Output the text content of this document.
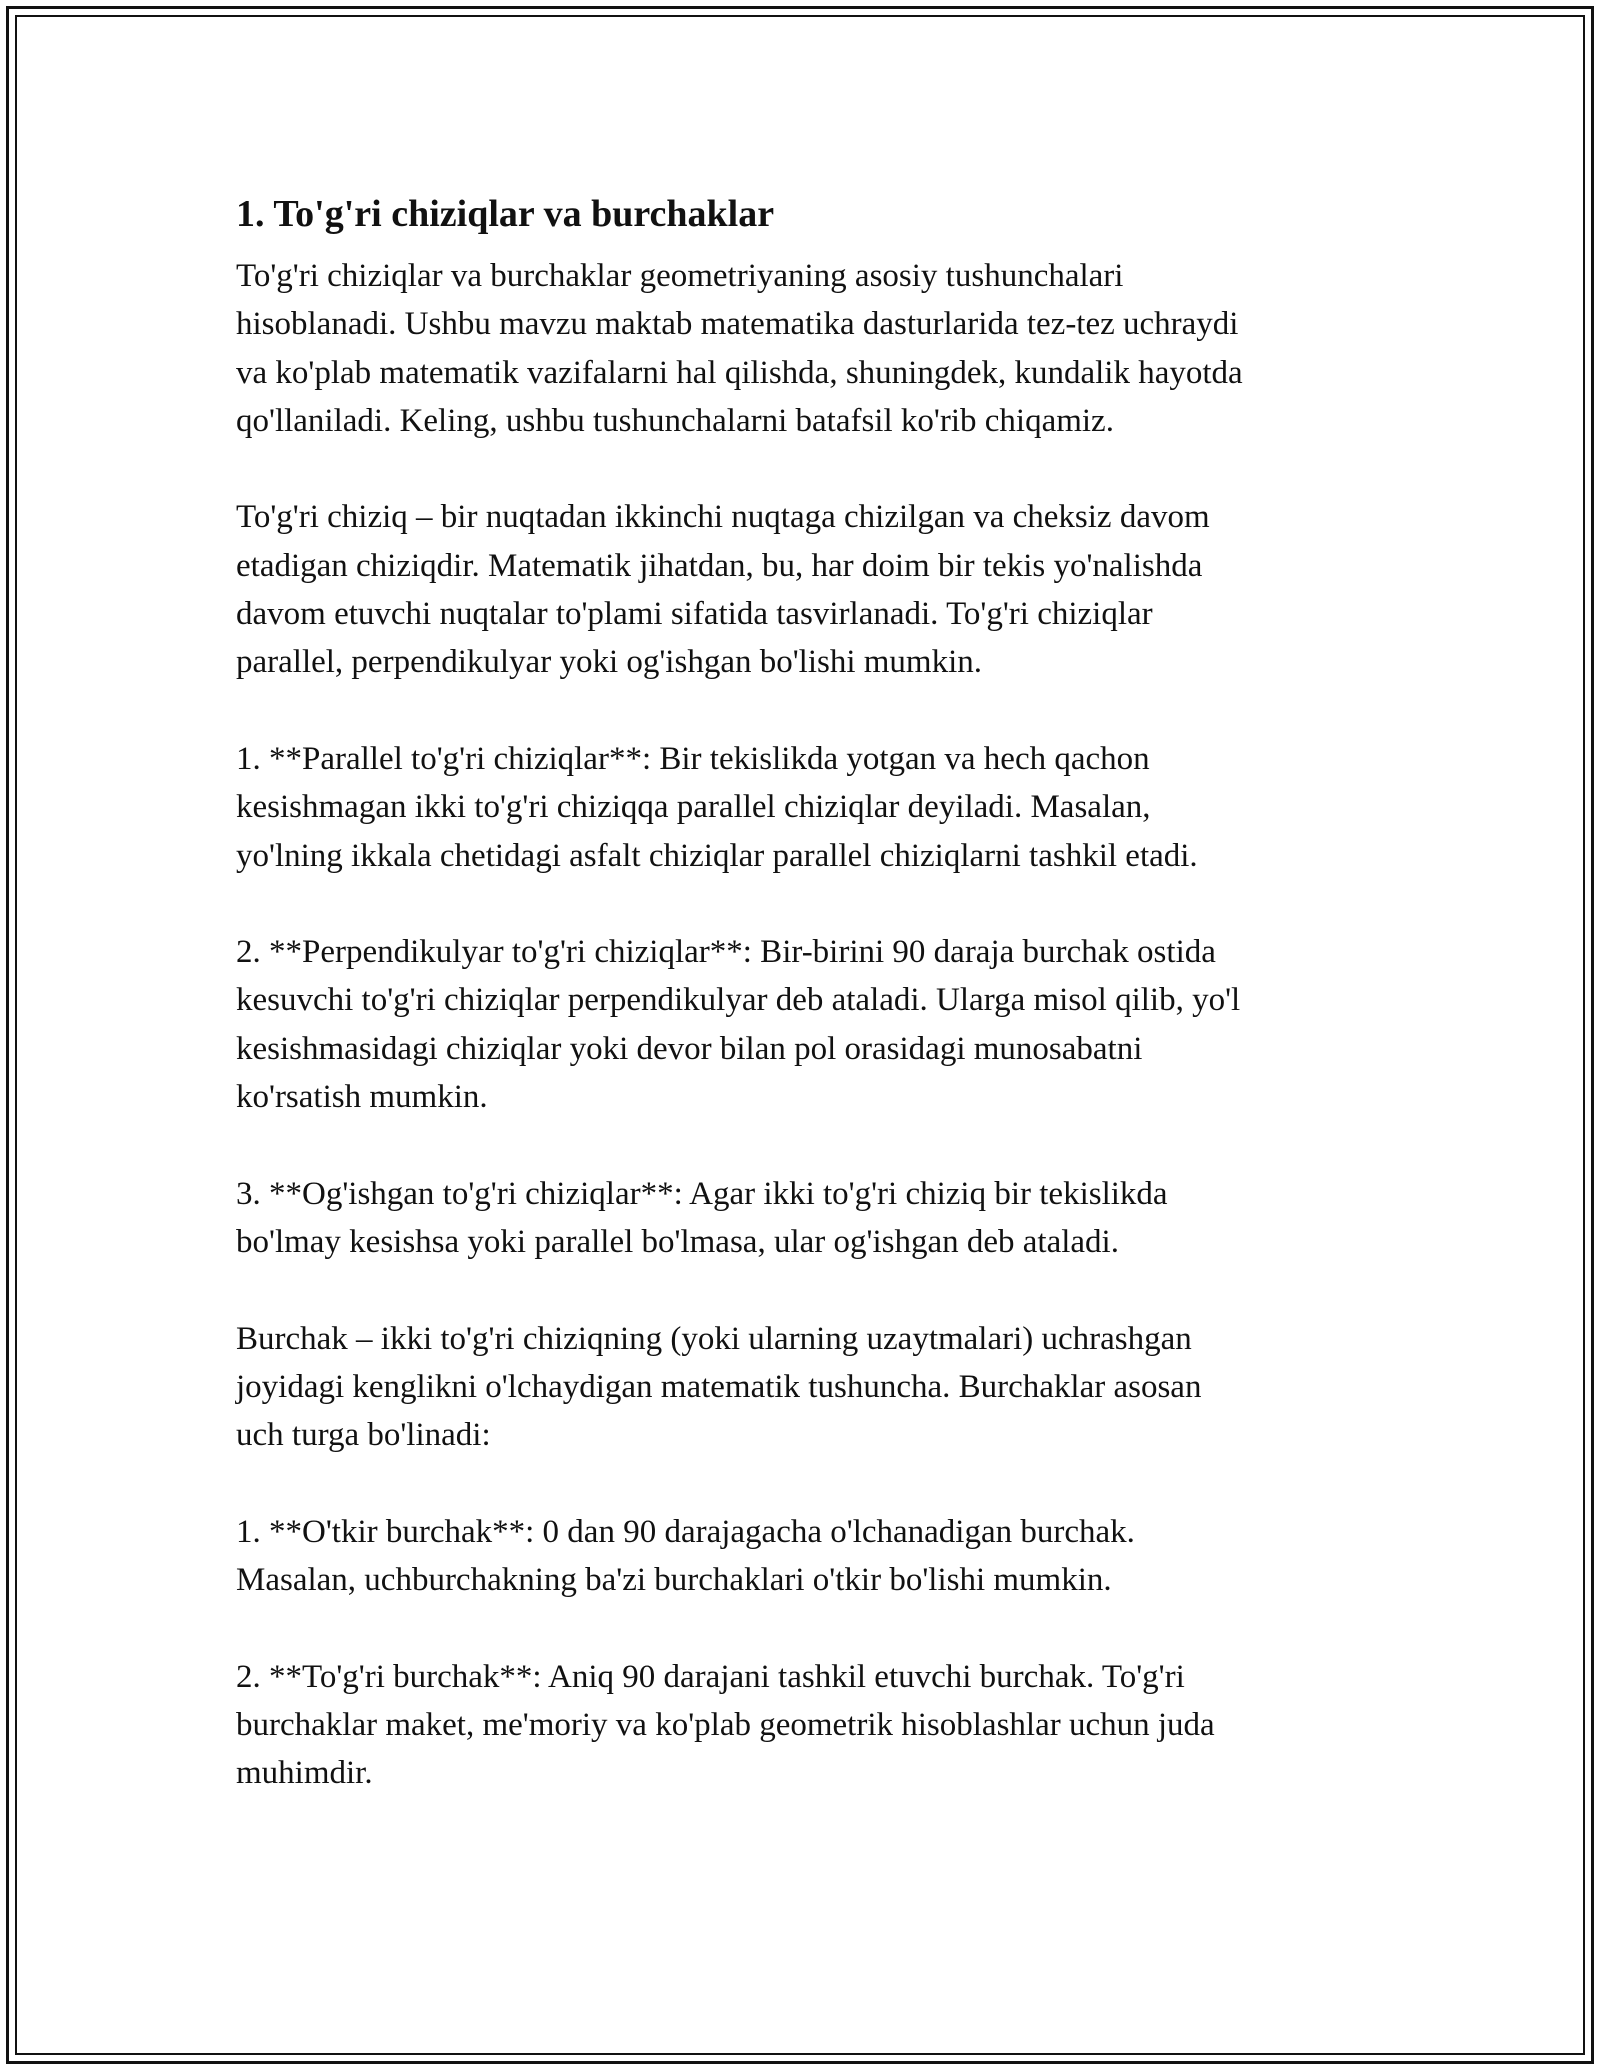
1. To'g'ri chiziqlar va burchaklar
To'g'ri chiziqlar va burchaklar geometriyaning asosiy tushunchalari
hisoblanadi. Ushbu mavzu maktab matematika dasturlarida tez-tez uchraydi
va ko'plab matematik vazifalarni hal qilishda, shuningdek, kundalik hayotda
qo'llaniladi. Keling, ushbu tushunchalarni batafsil ko'rib chiqamiz.
To'g'ri chiziq – bir nuqtadan ikkinchi nuqtaga chizilgan va cheksiz davom
etadigan chiziqdir. Matematik jihatdan, bu, har doim bir tekis yo'nalishda
davom etuvchi nuqtalar to'plami sifatida tasvirlanadi. To'g'ri chiziqlar
parallel, perpendikulyar yoki og'ishgan bo'lishi mumkin.
1. **Parallel to'g'ri chiziqlar**: Bir tekislikda yotgan va hech qachon
kesishmagan ikki to'g'ri chiziqqa parallel chiziqlar deyiladi. Masalan,
yo'lning ikkala chetidagi asfalt chiziqlar parallel chiziqlarni tashkil etadi.
2. **Perpendikulyar to'g'ri chiziqlar**: Bir-birini 90 daraja burchak ostida
kesuvchi to'g'ri chiziqlar perpendikulyar deb ataladi. Ularga misol qilib, yo'l
kesishmasidagi chiziqlar yoki devor bilan pol orasidagi munosabatni
ko'rsatish mumkin.
3. **Og'ishgan to'g'ri chiziqlar**: Agar ikki to'g'ri chiziq bir tekislikda
bo'lmay kesishsa yoki parallel bo'lmasa, ular og'ishgan deb ataladi.
Burchak – ikki to'g'ri chiziqning (yoki ularning uzaytmalari) uchrashgan
joyidagi kenglikni o'lchaydigan matematik tushuncha. Burchaklar asosan
uch turga bo'linadi:
1. **O'tkir burchak**: 0 dan 90 darajagacha o'lchanadigan burchak.
Masalan, uchburchakning ba'zi burchaklari o'tkir bo'lishi mumkin.
2. **To'g'ri burchak**: Aniq 90 darajani tashkil etuvchi burchak. To'g'ri
burchaklar maket, me'moriy va ko'plab geometrik hisoblashlar uchun juda
muhimdir.
